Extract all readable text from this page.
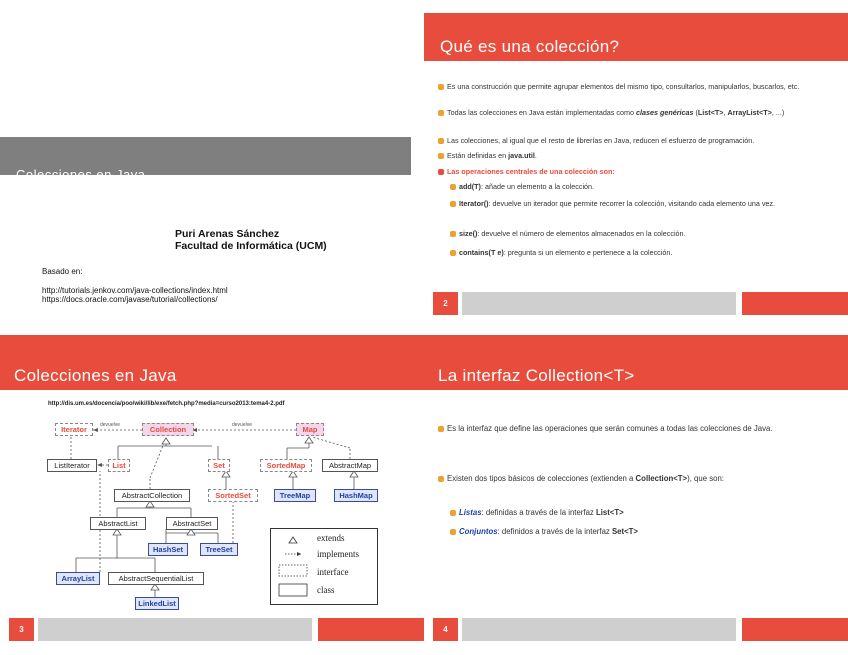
Colecciones en Java
Puri Arenas Sánchez
Facultad de Informática (UCM)
Basado en:
http://tutorials.jenkov.com/java-collections/index.html
https://docs.oracle.com/javase/tutorial/collections/
Qué es una colección?
Es una construcción que permite agrupar elementos del mismo tipo, consultarlos, manipularlos, buscarlos, etc.
Todas las colecciones en Java están implementadas como clases genéricas (List<T>, ArrayList<T>, ...)
Las colecciones, al igual que el resto de librerías en Java, reducen el esfuerzo de programación.
Están definidas en java.util.
Las operaciones centrales de una colección son:
add(T): añade un elemento a la colección.
Iterator(): devuelve un iterador que permite recorrer la colección, visitando cada elemento una vez.
size(): devuelve el número de elementos almacenados en la colección.
contains(T e): pregunta si un elemento e pertenece a la colección.
2
Colecciones en Java
http://dis.um.es/docencia/poo/wiki/lib/exe/fetch.php?media=curso2013:tema4-2.pdf
devuelve	devuelve
Iterator	Collection	Map
ListIterator	List	Set	SortedMap	AbstractMap
AbstractCollection	SortedSet	TreeMap	HashMap
AbstractList	AbstractSet
HashSet	TreeSet
ArrayList	AbstractSequentialList
LinkedList
extends
implements
interface
class
3
La interfaz Collection<T>
Es la interfaz que define las operaciones que serán comunes a todas las colecciones de Java.
Existen dos tipos básicos de colecciones (extienden a Collection<T>), que son:
Listas: definidas a través de la interfaz List<T>
Conjuntos: definidos a través de la interfaz Set<T>
4
